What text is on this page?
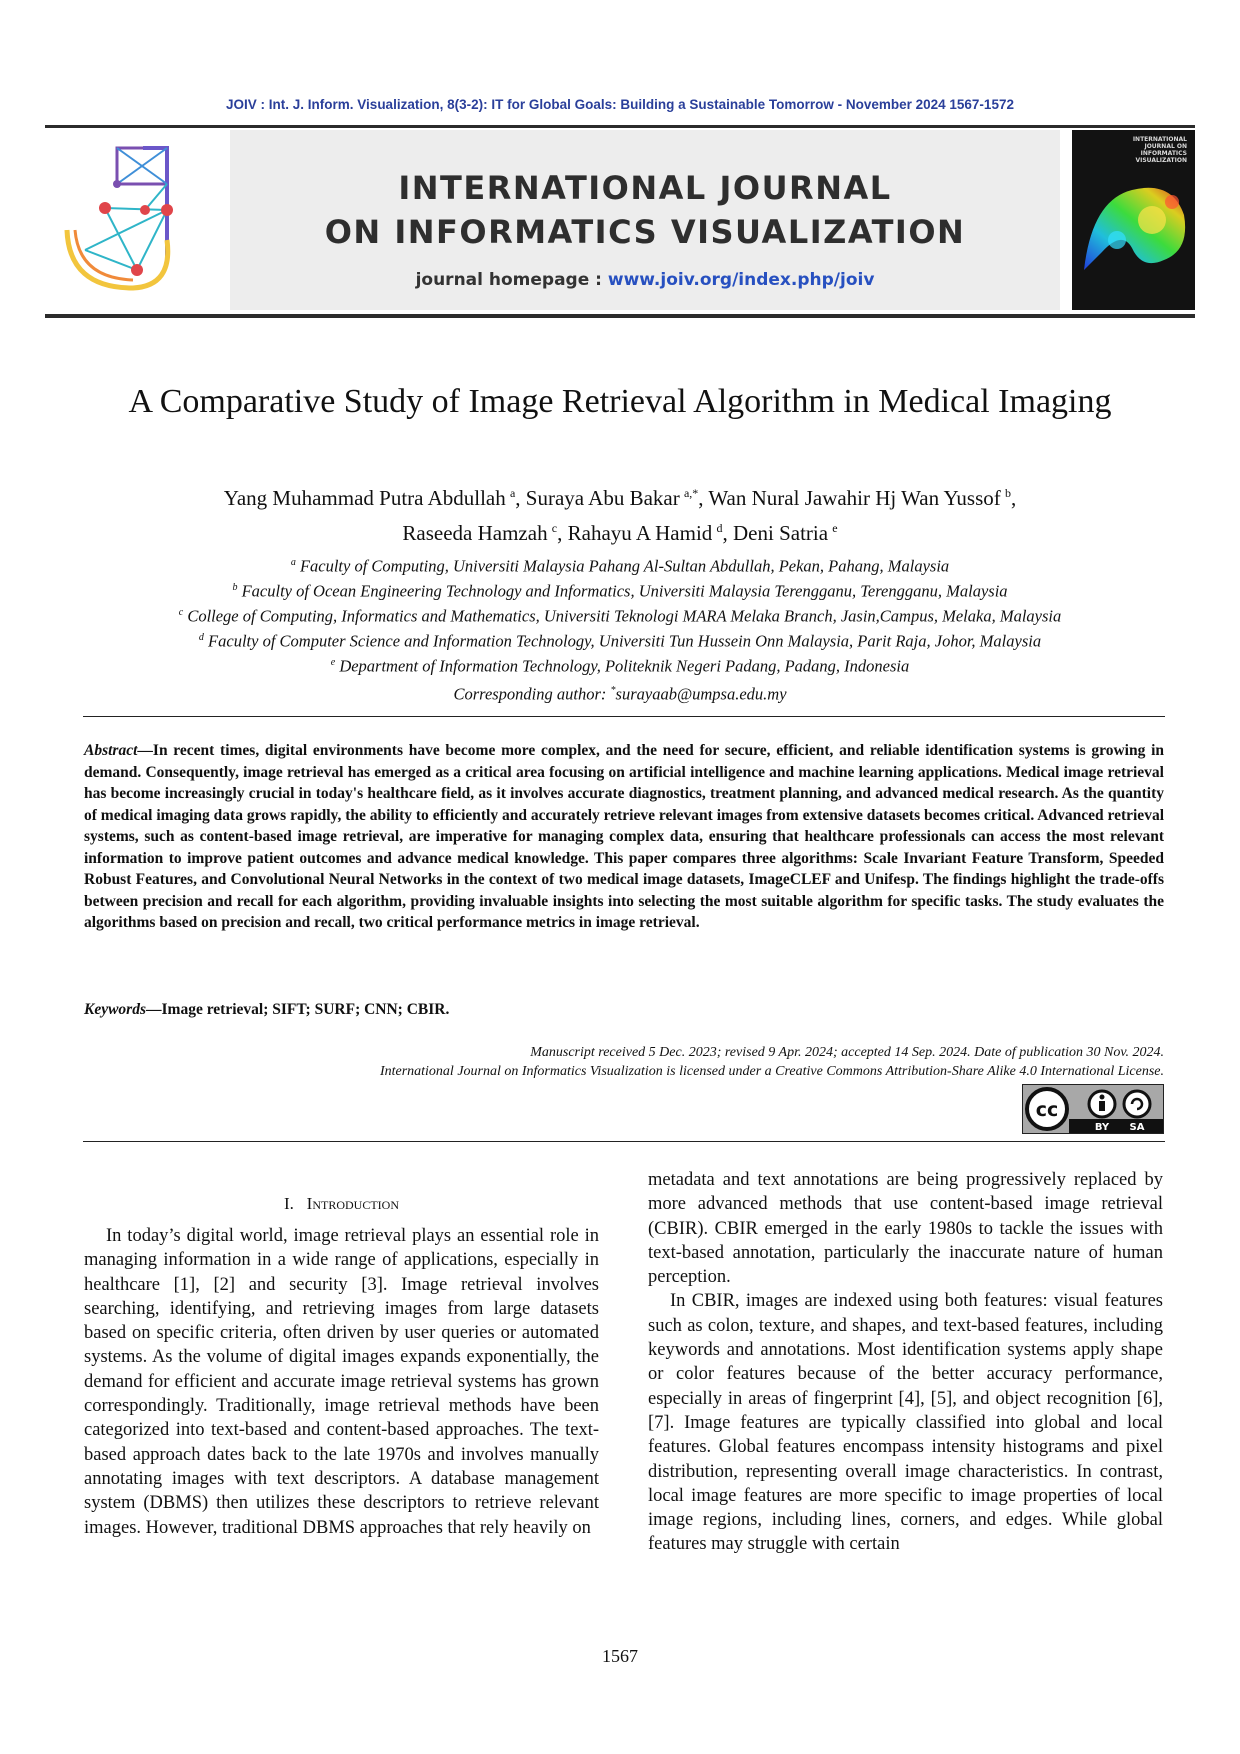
JOIV : Int. J. Inform. Visualization, 8(3-2): IT for Global Goals: Building a Sustainable Tomorrow - November 2024 1567-1572
INTERNATIONAL JOURNAL
ON INFORMATICS VISUALIZATION
journal homepage : www.joiv.org/index.php/joiv
INTERNATIONAL
JOURNAL ON
INFORMATICS
VISUALIZATION
A Comparative Study of Image Retrieval Algorithm in Medical Imaging
Yang Muhammad Putra Abdullah  $^a$, Suraya Abu Bakar  $^{a,*}$, Wan Nural Jawahir Hj Wan Yussof  $^b$,
Raseeda Hamzah  $^c$, Rahayu A Hamid  $^d$, Deni Satria  $^e$
$^a$ Faculty of Computing, Universiti Malaysia Pahang Al-Sultan Abdullah, Pekan, Pahang, Malaysia
$^b$ Faculty of Ocean Engineering Technology and Informatics, Universiti Malaysia Terengganu, Terengganu, Malaysia
$^c$ College of Computing, Informatics and Mathematics, Universiti Teknologi MARA Melaka Branch, Jasin,Campus, Melaka, Malaysia
$^d$ Faculty of Computer Science and Information Technology, Universiti Tun Hussein Onn Malaysia, Parit Raja, Johor, Malaysia
$^e$ Department of Information Technology, Politeknik Negeri Padang, Padang, Indonesia
Corresponding author: *surayaab@umpsa.edu.my
Abstract—In recent times, digital environments have become more complex, and the need for secure, efficient, and reliable identification systems is growing in demand. Consequently, image retrieval has emerged as a critical area focusing on artificial intelligence and machine learning applications. Medical image retrieval has become increasingly crucial in today's healthcare field, as it involves accurate diagnostics, treatment planning, and advanced medical research. As the quantity of medical imaging data grows rapidly, the ability to efficiently and accurately retrieve relevant images from extensive datasets becomes critical. Advanced retrieval systems, such as content-based image retrieval, are imperative for managing complex data, ensuring that healthcare professionals can access the most relevant information to improve patient outcomes and advance medical knowledge. This paper compares three algorithms: Scale Invariant Feature Transform, Speeded Robust Features, and Convolutional Neural Networks in the context of two medical image datasets, ImageCLEF and Unifesp. The findings highlight the trade-offs between precision and recall for each algorithm, providing invaluable insights into selecting the most suitable algorithm for specific tasks. The study evaluates the algorithms based on precision and recall, two critical performance metrics in image retrieval.
Keywords—Image retrieval; SIFT; SURF; CNN; CBIR.
Manuscript received 5 Dec. 2023; revised 9 Apr. 2024; accepted 14 Sep. 2024. Date of publication 30 Nov. 2024.
International Journal on Informatics Visualization is licensed under a Creative Commons Attribution-Share Alike 4.0 International License.
cc
BY SA
I. Introduction

In today’s digital world, image retrieval plays an essential role in managing information in a wide range of applications, especially in healthcare [1], [2] and security [3]. Image retrieval involves searching, identifying, and retrieving images from large datasets based on specific criteria, often driven by user queries or automated systems. As the volume of digital images expands exponentially, the demand for efficient and accurate image retrieval systems has grown correspondingly. Traditionally, image retrieval methods have been categorized into text-based and content-based approaches. The text-based approach dates back to the late 1970s and involves manually annotating images with text descriptors. A database management system (DBMS) then utilizes these descriptors to retrieve relevant images. However, traditional DBMS approaches that rely heavily on

metadata and text annotations are being progressively replaced by more advanced methods that use content-based image retrieval (CBIR). CBIR emerged in the early 1980s to tackle the issues with text-based annotation, particularly the inaccurate nature of human perception.

In CBIR, images are indexed using both features: visual features such as colon, texture, and shapes, and text-based features, including keywords and annotations. Most identification systems apply shape or color features because of the better accuracy performance, especially in areas of fingerprint [4], [5], and object recognition [6], [7]. Image features are typically classified into global and local features. Global features encompass intensity histograms and pixel distribution, representing overall image characteristics. In contrast, local image features are more specific to image properties of local image regions, including lines, corners, and edges. While global features may struggle with certain

1567
